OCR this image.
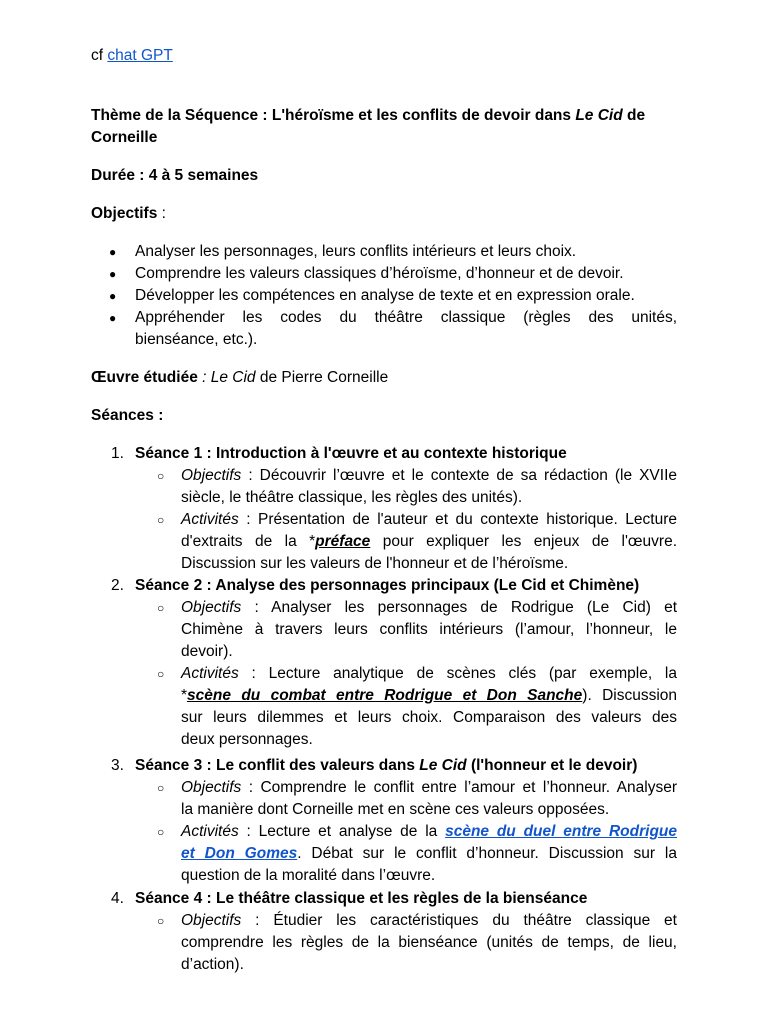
cf chat GPT
Thème de la Séquence : L'héroïsme et les conflits de devoir dans Le Cid de
Corneille
Durée : 4 à 5 semaines
Objectifs :
● Analyser les personnages, leurs conflits intérieurs et leurs choix.
● Comprendre les valeurs classiques d’héroïsme, d’honneur et de devoir.
● Développer les compétences en analyse de texte et en expression orale.
● Appréhender les codes du théâtre classique (règles des unités,
bienséance, etc.).
Œuvre étudiée : Le Cid de Pierre Corneille
Séances :
1. Séance 1 : Introduction à l'œuvre et au contexte historique
○ Objectifs : Découvrir l’œuvre et le contexte de sa rédaction (le XVIIe
siècle, le théâtre classique, les règles des unités).
○ Activités : Présentation de l'auteur et du contexte historique. Lecture
d'extraits de la *préface pour expliquer les enjeux de l'œuvre.
Discussion sur les valeurs de l'honneur et de l’héroïsme.
2. Séance 2 : Analyse des personnages principaux (Le Cid et Chimène)
○ Objectifs : Analyser les personnages de Rodrigue (Le Cid) et
Chimène à travers leurs conflits intérieurs (l’amour, l’honneur, le
devoir).
○ Activités : Lecture analytique de scènes clés (par exemple, la
*scène du combat entre Rodrigue et Don Sanche). Discussion
sur leurs dilemmes et leurs choix. Comparaison des valeurs des
deux personnages.
3. Séance 3 : Le conflit des valeurs dans Le Cid (l'honneur et le devoir)
○ Objectifs : Comprendre le conflit entre l’amour et l’honneur. Analyser
la manière dont Corneille met en scène ces valeurs opposées.
○ Activités : Lecture et analyse de la scène du duel entre Rodrigue
et Don Gomes. Débat sur le conflit d’honneur. Discussion sur la
question de la moralité dans l’œuvre.
4. Séance 4 : Le théâtre classique et les règles de la bienséance
○ Objectifs : Étudier les caractéristiques du théâtre classique et
comprendre les règles de la bienséance (unités de temps, de lieu,
d’action).
